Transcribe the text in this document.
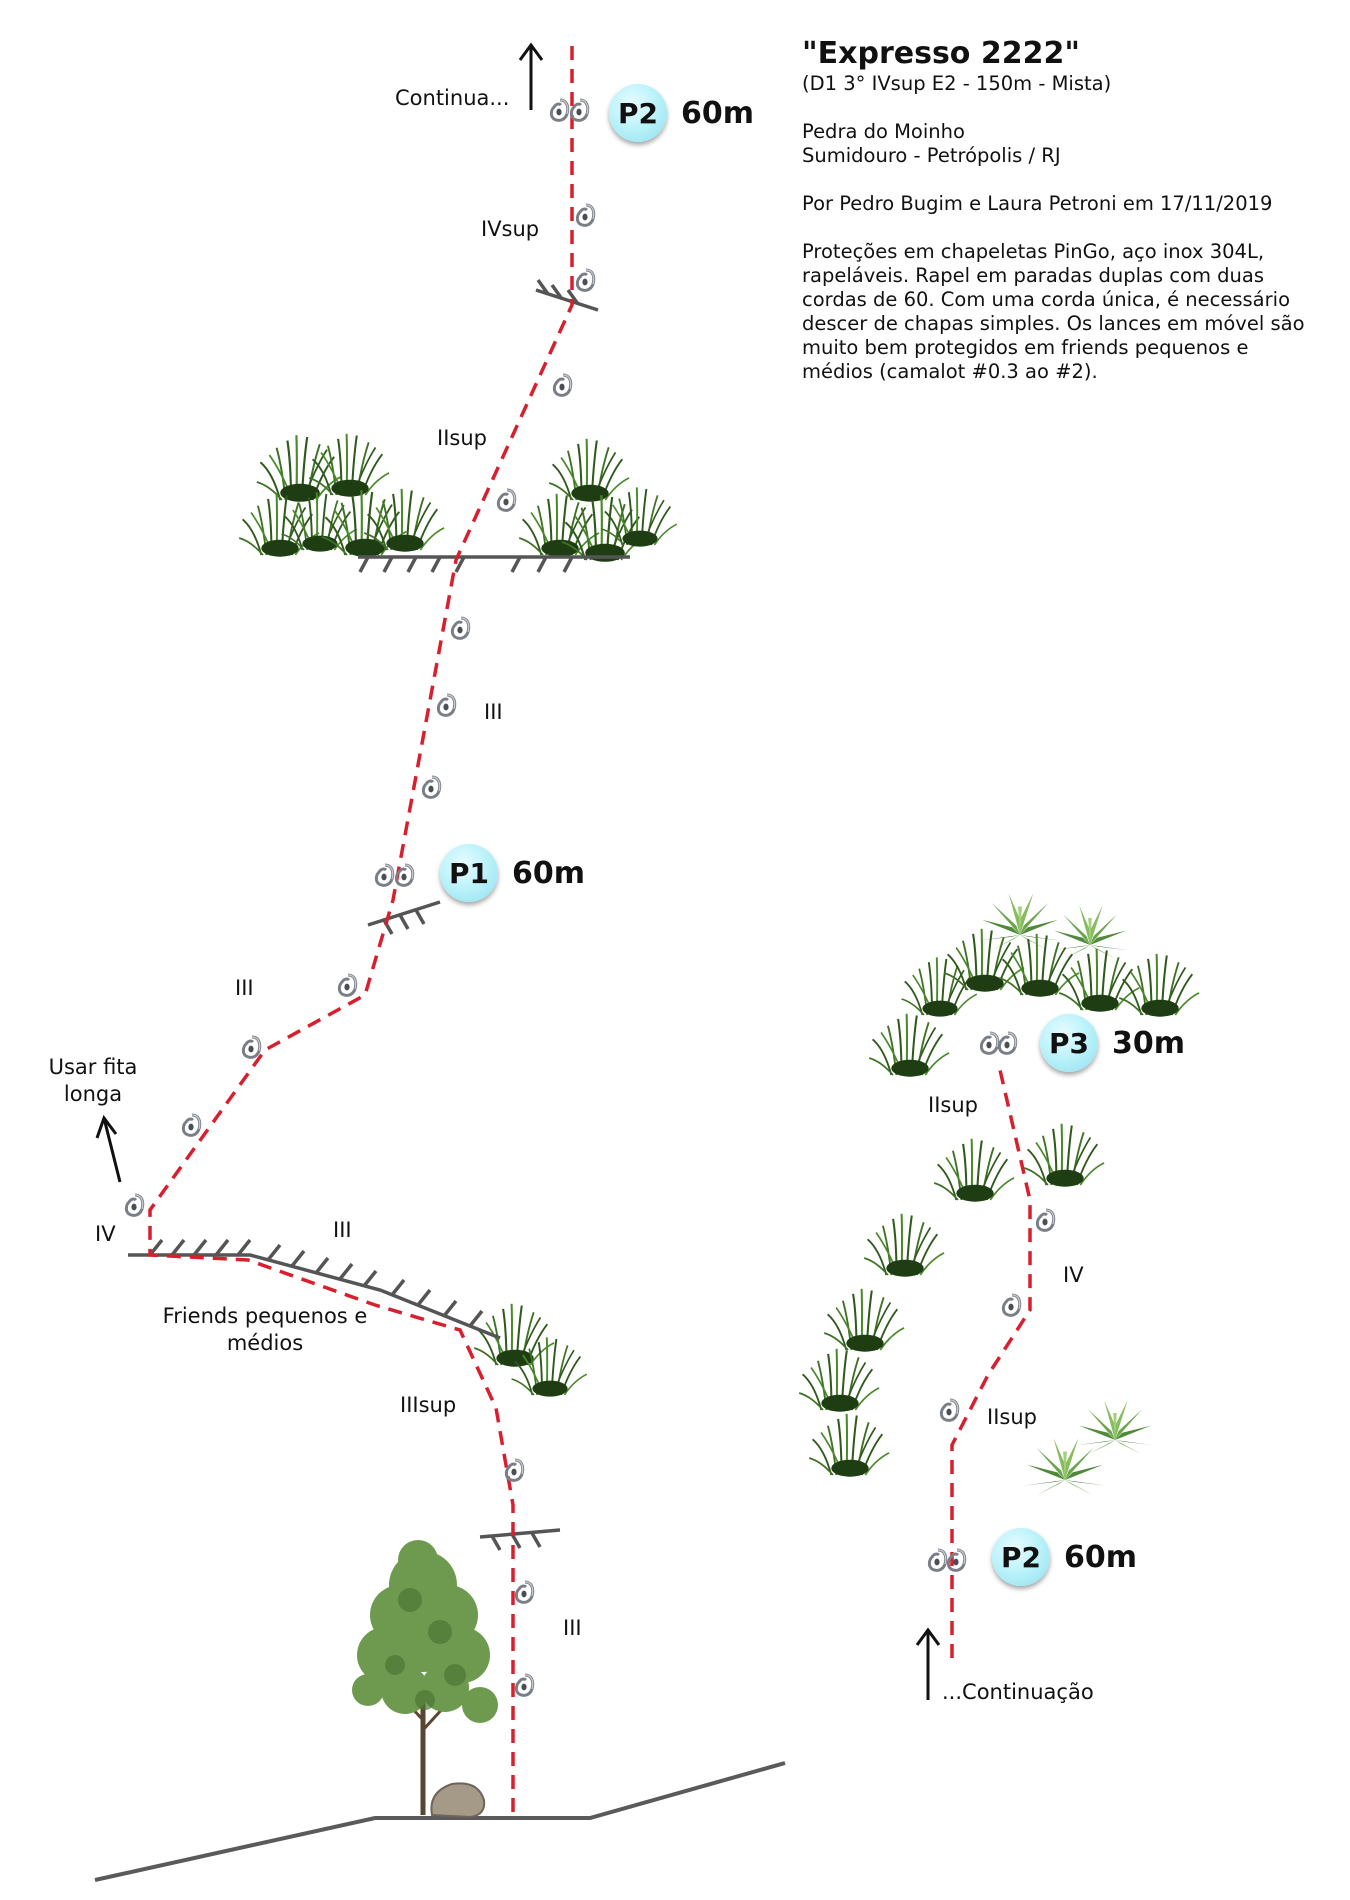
P2 60m
P1 60m
P3 30m
P2 60m
Continua...
...Continuação
Usar fita longa
Friends pequenos e médios
IVsup
IIsup
III
III
IV	III
IIIsup
III
IIsup
IV
IIsup
"Expresso 2222"
(D1 3° IVsup E2 - 150m - Mista)
Pedra do Moinho
Sumidouro - Petrópolis / RJ
Por Pedro Bugim e Laura Petroni em 17/11/2019
Proteções em chapeletas PinGo, aço inox 304L, rapeláveis. Rapel em paradas duplas com duas cordas de 60. Com uma corda única, é necessário descer de chapas simples. Os lances em móvel são muito bem protegidos em friends pequenos e médios (camalot #0.3 ao #2).
